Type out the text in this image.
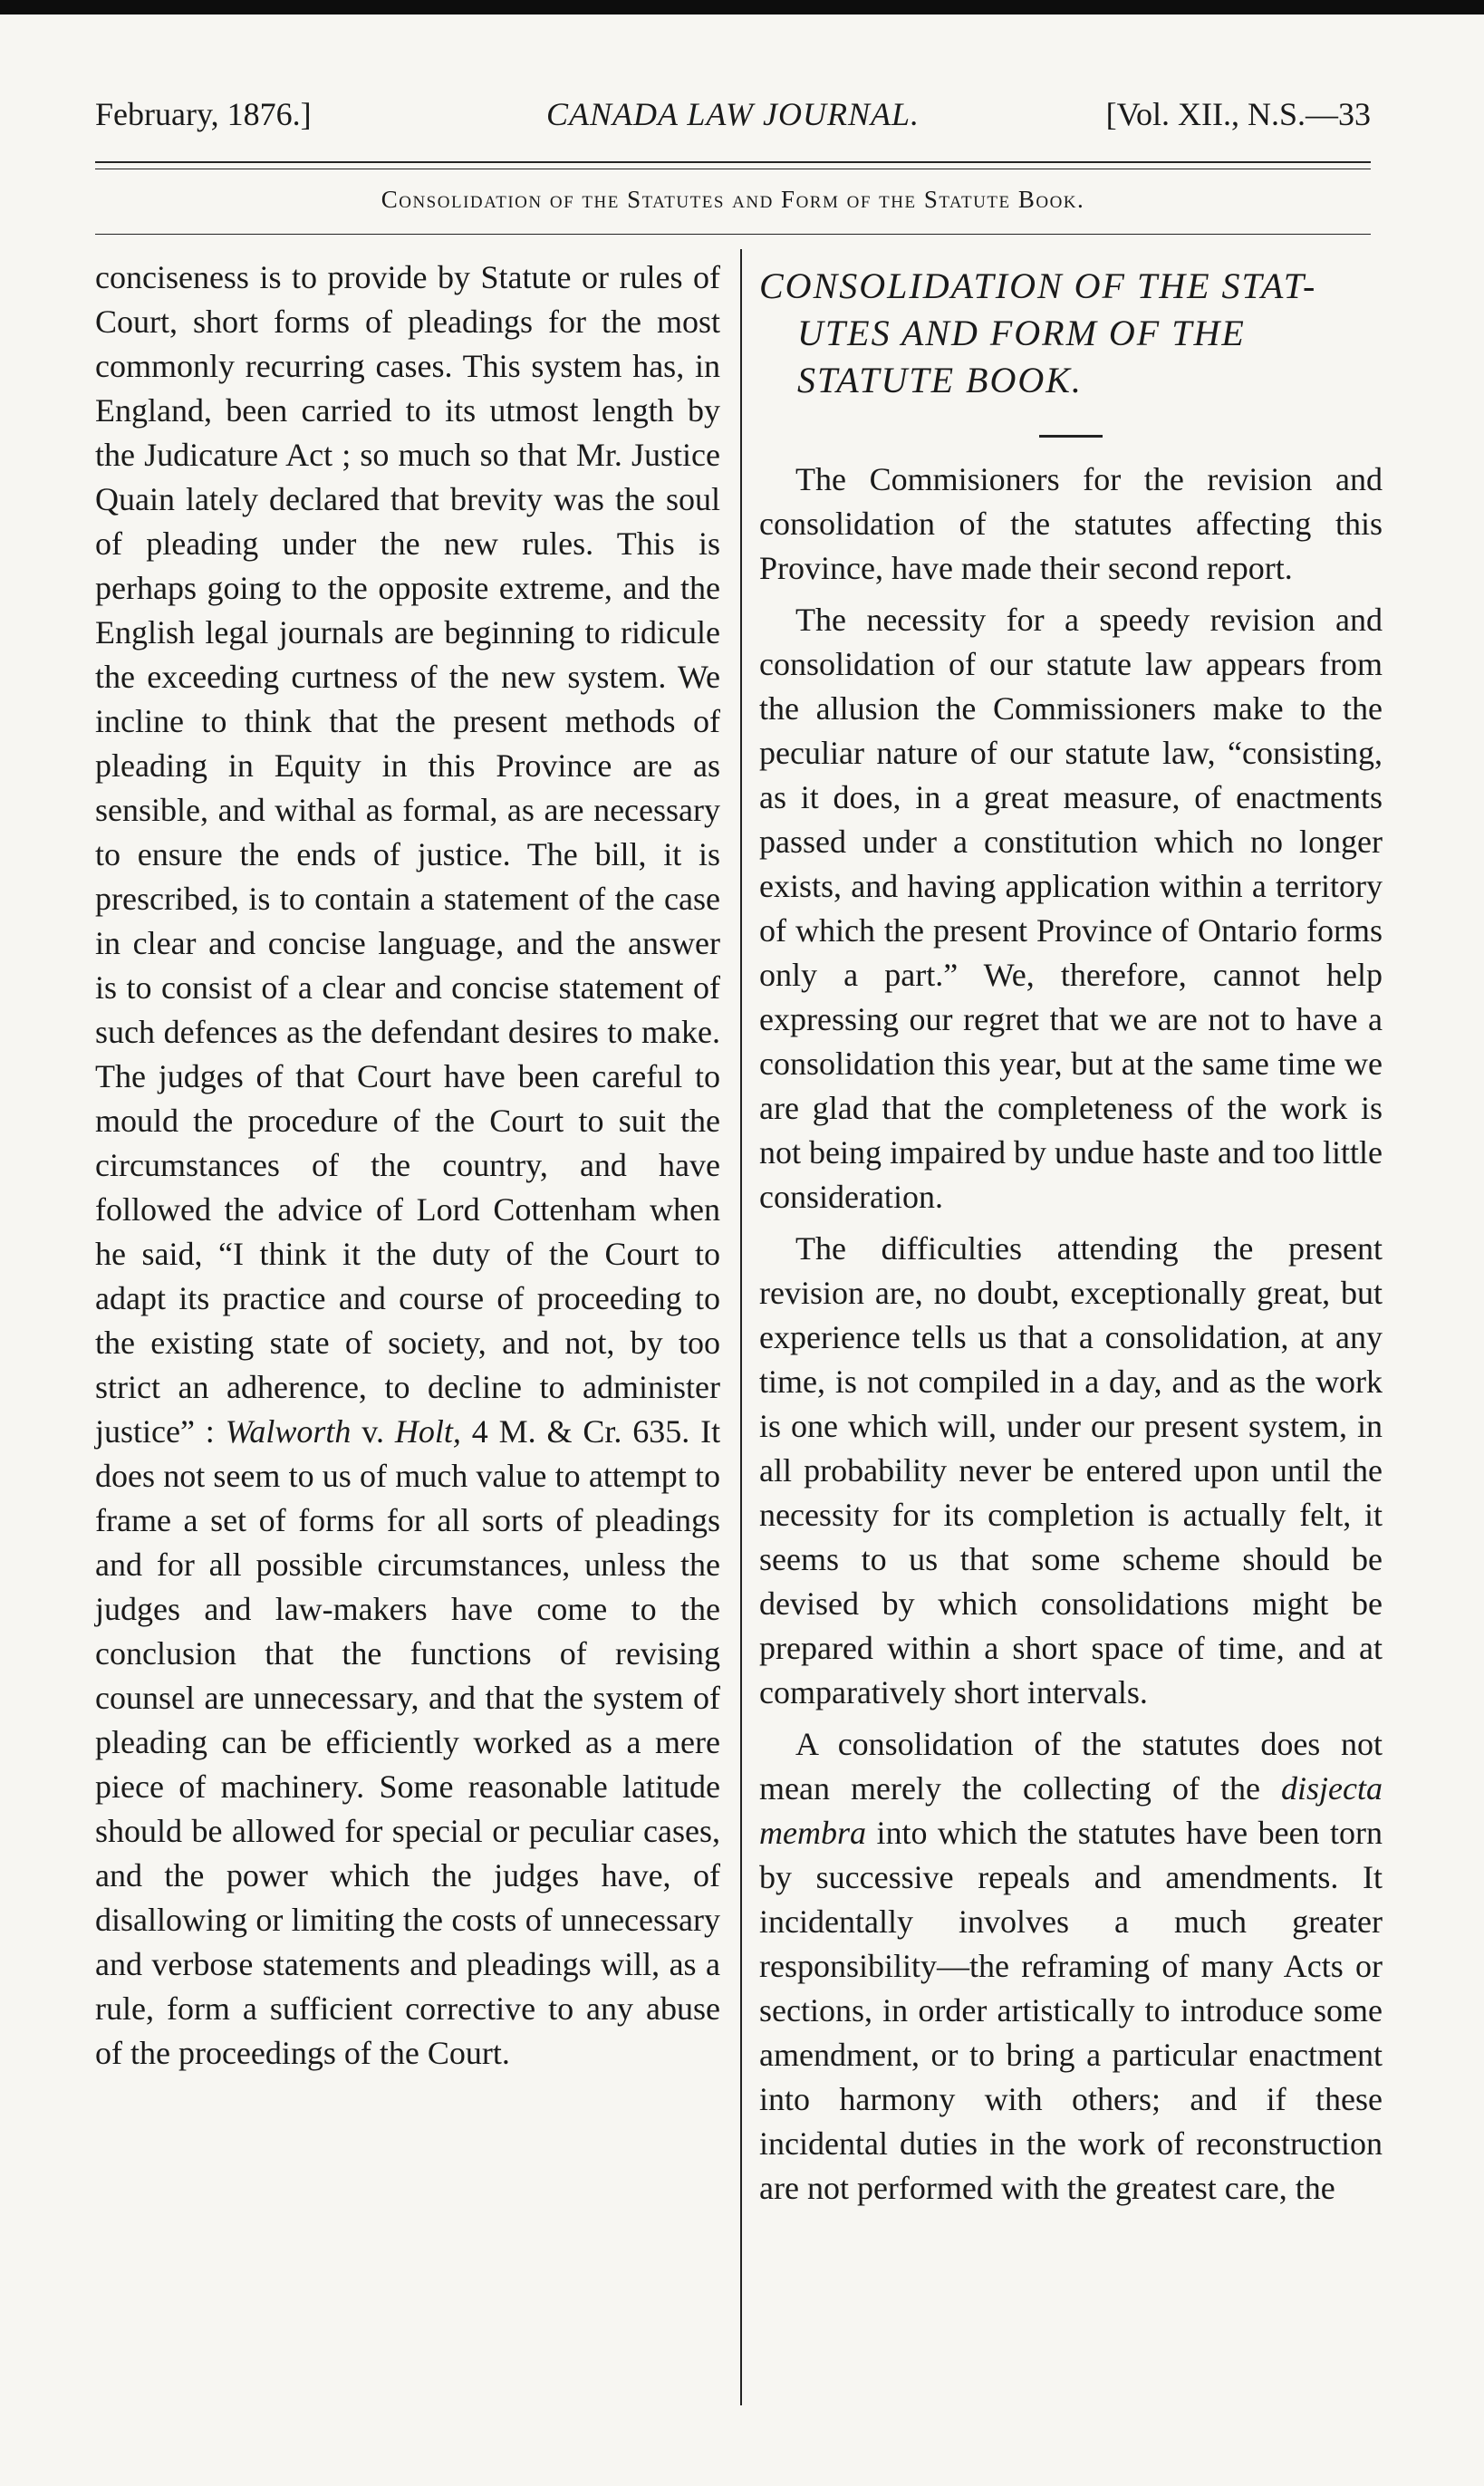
February, 1876.]	CANADA LAW JOURNAL.	[Vol. XII., N.S.—33
Consolidation of the Statutes and Form of the Statute Book.

conciseness is to provide by Statute or rules of Court, short forms of pleadings for the most commonly recurring cases. This system has, in England, been carried to its utmost length by the Judicature Act ; so much so that Mr. Justice Quain lately declared that brevity was the soul of pleading under the new rules. This is perhaps going to the opposite extreme, and the English legal journals are beginning to ridicule the exceeding curtness of the new system. We incline to think that the present methods of pleading in Equity in this Province are as sensible, and withal as formal, as are necessary to ensure the ends of justice. The bill, it is prescribed, is to contain a statement of the case in clear and concise language, and the answer is to consist of a clear and concise statement of such defences as the defendant desires to make. The judges of that Court have been careful to mould the procedure of the Court to suit the circumstances of the country, and have followed the advice of Lord Cottenham when he said, “I think it the duty of the Court to adapt its practice and course of proceeding to the existing state of society, and not, by too strict an adherence, to decline to administer justice” : Walworth v. Holt, 4 M. & Cr. 635. It does not seem to us of much value to attempt to frame a set of forms for all sorts of pleadings and for all possible circumstances, unless the judges and law-makers have come to the conclusion that the functions of revising counsel are unnecessary, and that the system of pleading can be efficiently worked as a mere piece of machinery. Some reasonable latitude should be allowed for special or peculiar cases, and the power which the judges have, of disallowing or limiting the costs of unnecessary and verbose statements and pleadings will, as a rule, form a sufficient corrective to any abuse of the proceedings of the Court.

CONSOLIDATION OF THE STAT-
UTES AND FORM OF THE
STATUTE BOOK.

The Commisioners for the revision and consolidation of the statutes affecting this Province, have made their second report.

The necessity for a speedy revision and consolidation of our statute law appears from the allusion the Commissioners make to the peculiar nature of our statute law, “consisting, as it does, in a great measure, of enactments passed under a constitution which no longer exists, and having application within a territory of which the present Province of Ontario forms only a part.” We, therefore, cannot help expressing our regret that we are not to have a consolidation this year, but at the same time we are glad that the completeness of the work is not being impaired by undue haste and too little consideration.

The difficulties attending the present revision are, no doubt, exceptionally great, but experience tells us that a consolidation, at any time, is not compiled in a day, and as the work is one which will, under our present system, in all probability never be entered upon until the necessity for its completion is actually felt, it seems to us that some scheme should be devised by which consolidations might be prepared within a short space of time, and at comparatively short intervals.

A consolidation of the statutes does not mean merely the collecting of the disjecta membra into which the statutes have been torn by successive repeals and amendments. It incidentally involves a much greater responsibility—the reframing of many Acts or sections, in order artistically to introduce some amendment, or to bring a particular enactment into harmony with others; and if these incidental duties in the work of reconstruction are not performed with the greatest care, the
